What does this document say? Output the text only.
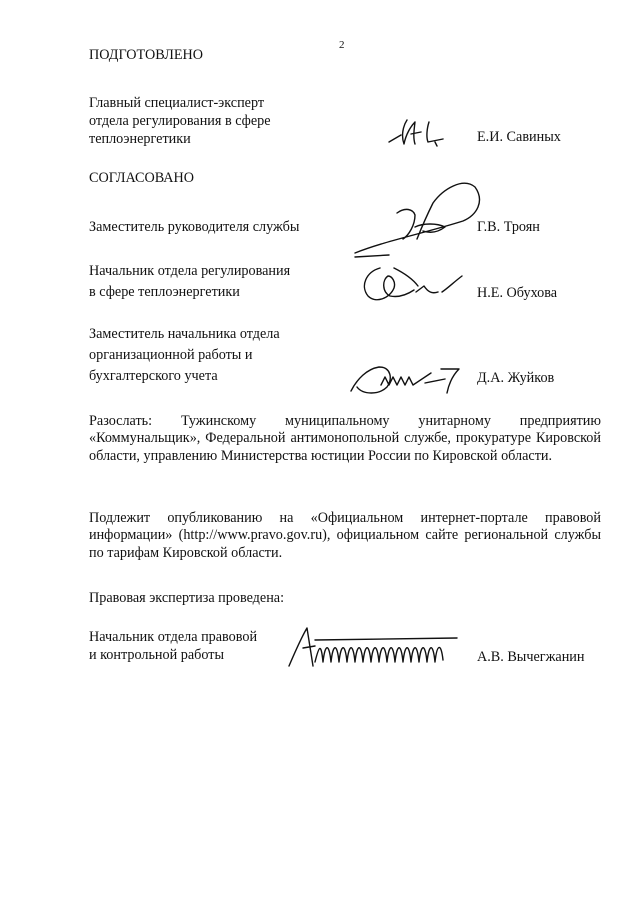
2
ПОДГОТОВЛЕНО
Главный специалист-эксперт
отдела регулирования в сфере
теплоэнергетики	Е.И. Савиных
СОГЛАСОВАНО
Заместитель руководителя службы	Г.В. Троян
Начальник отдела регулирования
в сфере теплоэнергетики	Н.Е. Обухова
Заместитель начальника отдела
организационной работы и
бухгалтерского учета	Д.А. Жуйков
Разослать: Тужинскому муниципальному унитарному предприятию «Коммунальщик», Федеральной антимонопольной службе, прокуратуре Кировской области, управлению Министерства юстиции России по Кировской области.
Подлежит опубликованию на «Официальном интернет-портале правовой информации» (http://www.pravo.gov.ru), официальном сайте региональной службы по тарифам Кировской области.
Правовая экспертиза проведена:
Начальник отдела правовой
и контрольной работы	А.В. Вычегжанин
